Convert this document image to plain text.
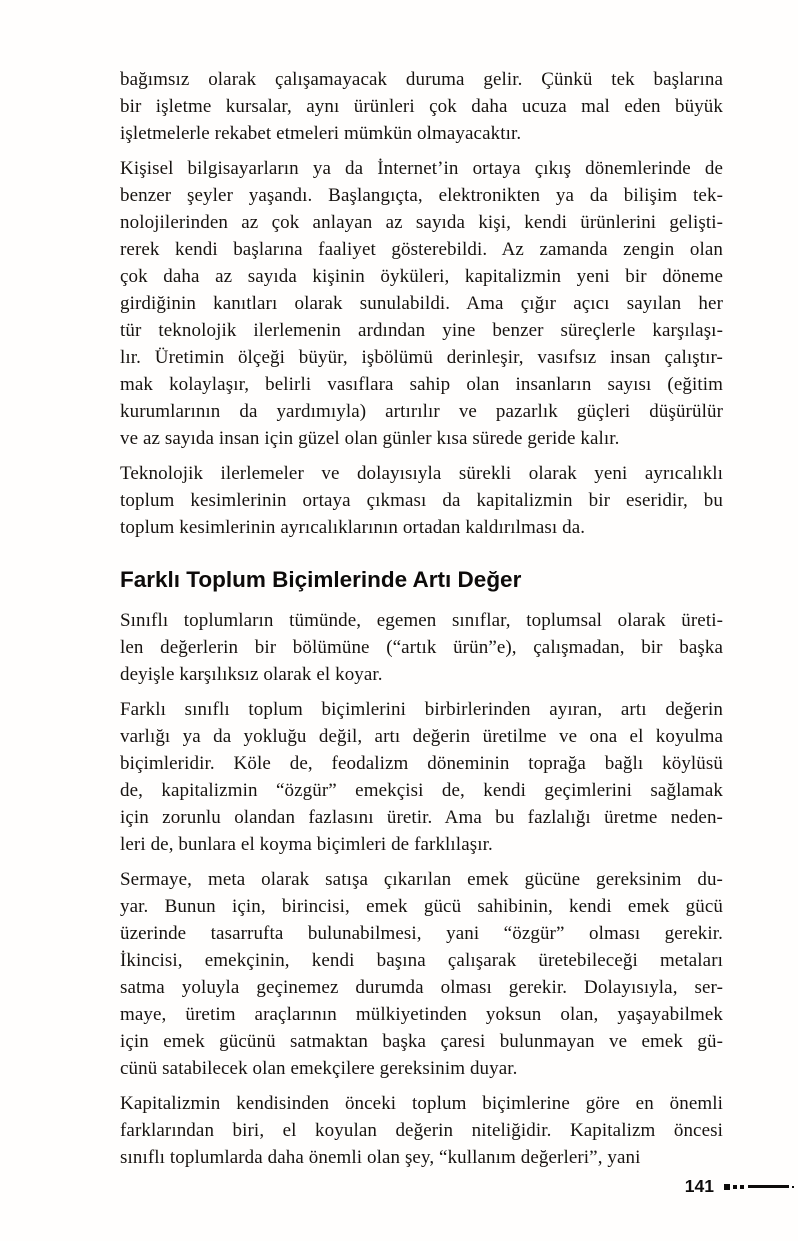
bağımsız olarak çalışamayacak duruma gelir. Çünkü tek başlarına
bir işletme kursalar, aynı ürünleri çok daha ucuza mal eden büyük
işletmelerle rekabet etmeleri mümkün olmayacaktır.
Kişisel bilgisayarların ya da İnternet’in ortaya çıkış dönemlerinde de
benzer şeyler yaşandı. Başlangıçta, elektronikten ya da bilişim tek-
nolojilerinden az çok anlayan az sayıda kişi, kendi ürünlerini gelişti-
rerek kendi başlarına faaliyet gösterebildi. Az zamanda zengin olan
çok daha az sayıda kişinin öyküleri, kapitalizmin yeni bir döneme
girdiğinin kanıtları olarak sunulabildi. Ama çığır açıcı sayılan her
tür teknolojik ilerlemenin ardından yine benzer süreçlerle karşılaşı-
lır. Üretimin ölçeği büyür, işbölümü derinleşir, vasıfsız insan çalıştır-
mak kolaylaşır, belirli vasıflara sahip olan insanların sayısı (eğitim
kurumlarının da yardımıyla) artırılır ve pazarlık güçleri düşürülür
ve az sayıda insan için güzel olan günler kısa sürede geride kalır.
Teknolojik ilerlemeler ve dolayısıyla sürekli olarak yeni ayrıcalıklı
toplum kesimlerinin ortaya çıkması da kapitalizmin bir eseridir, bu
toplum kesimlerinin ayrıcalıklarının ortadan kaldırılması da.
Farklı Toplum Biçimlerinde Artı Değer
Sınıflı toplumların tümünde, egemen sınıflar, toplumsal olarak üreti-
len değerlerin bir bölümüne (“artık ürün”e), çalışmadan, bir başka
deyişle karşılıksız olarak el koyar.
Farklı sınıflı toplum biçimlerini birbirlerinden ayıran, artı değerin
varlığı ya da yokluğu değil, artı değerin üretilme ve ona el koyulma
biçimleridir. Köle de, feodalizm döneminin toprağa bağlı köylüsü
de, kapitalizmin “özgür” emekçisi de, kendi geçimlerini sağlamak
için zorunlu olandan fazlasını üretir. Ama bu fazlalığı üretme neden-
leri de, bunlara el koyma biçimleri de farklılaşır.
Sermaye, meta olarak satışa çıkarılan emek gücüne gereksinim du-
yar. Bunun için, birincisi, emek gücü sahibinin, kendi emek gücü
üzerinde tasarrufta bulunabilmesi, yani “özgür” olması gerekir.
İkincisi, emekçinin, kendi başına çalışarak üretebileceği metaları
satma yoluyla geçinemez durumda olması gerekir. Dolayısıyla, ser-
maye, üretim araçlarının mülkiyetinden yoksun olan, yaşayabilmek
için emek gücünü satmaktan başka çaresi bulunmayan ve emek gü-
cünü satabilecek olan emekçilere gereksinim duyar.
Kapitalizmin kendisinden önceki toplum biçimlerine göre en önemli
farklarından biri, el koyulan değerin niteliğidir. Kapitalizm öncesi
sınıflı toplumlarda daha önemli olan şey, “kullanım değerleri”, yani
141
